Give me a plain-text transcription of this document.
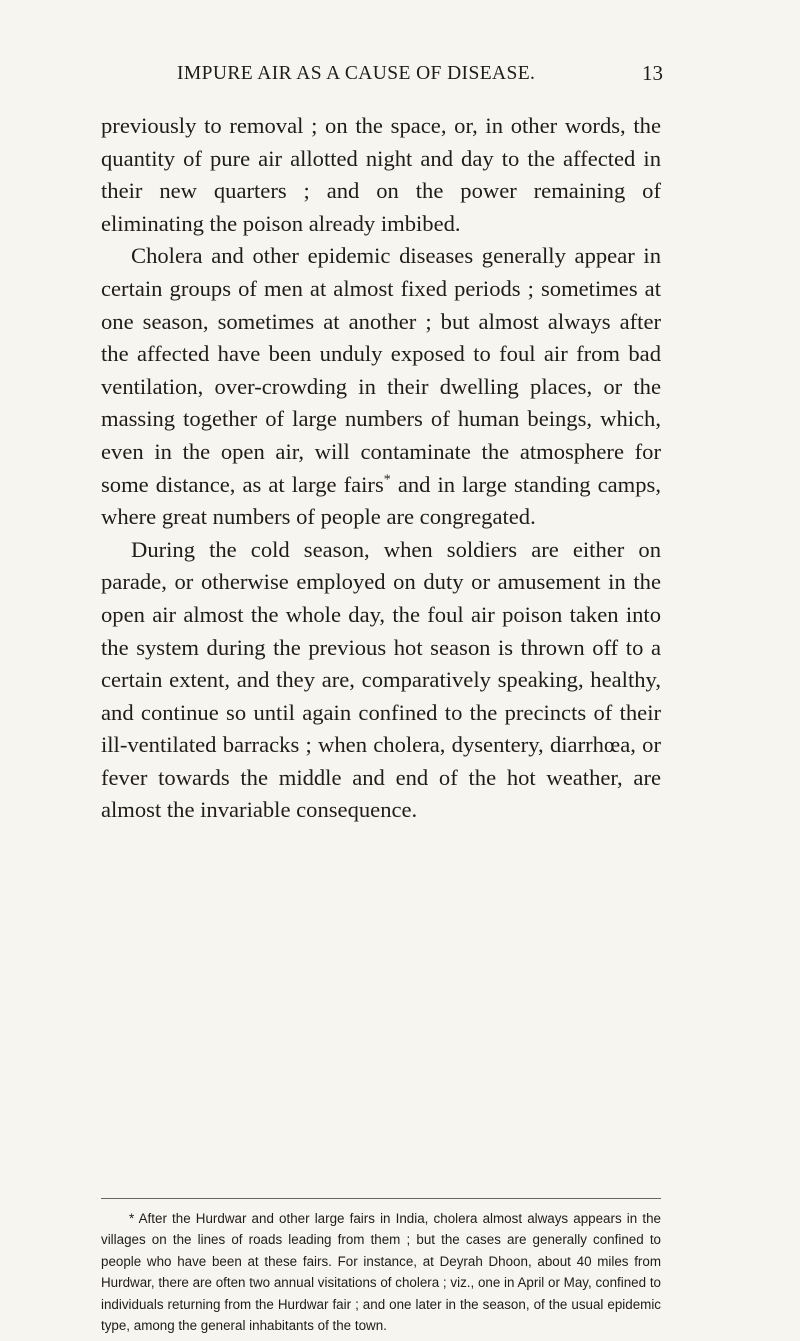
IMPURE AIR AS A CAUSE OF DISEASE.	13

previously to removal ; on the space, or, in other words, the quantity of pure air allotted night and day to the affected in their new quarters ; and on the power remaining of eliminating the poison already imbibed.

Cholera and other epidemic diseases generally appear in certain groups of men at almost fixed periods ; sometimes at one season, sometimes at another ; but almost always after the affected have been unduly exposed to foul air from bad ventilation, over-crowding in their dwelling places, or the massing together of large numbers of human beings, which, even in the open air, will contaminate the atmosphere for some distance, as at large fairs* and in large standing camps, where great numbers of people are congregated.

During the cold season, when soldiers are either on parade, or otherwise employed on duty or amusement in the open air almost the whole day, the foul air poison taken into the system during the previous hot season is thrown off to a certain extent, and they are, comparatively speaking, healthy, and continue so until again confined to the precincts of their ill-ventilated barracks ; when cholera, dysentery, diarrhœa, or fever towards the middle and end of the hot weather, are almost the invariable consequence.

* After the Hurdwar and other large fairs in India, cholera almost always appears in the villages on the lines of roads leading from them ; but the cases are generally confined to people who have been at these fairs. For instance, at Deyrah Dhoon, about 40 miles from Hurdwar, there are often two annual visitations of cholera ; viz., one in April or May, confined to individuals returning from the Hurdwar fair ; and one later in the season, of the usual epidemic type, among the general inhabitants of the town.
